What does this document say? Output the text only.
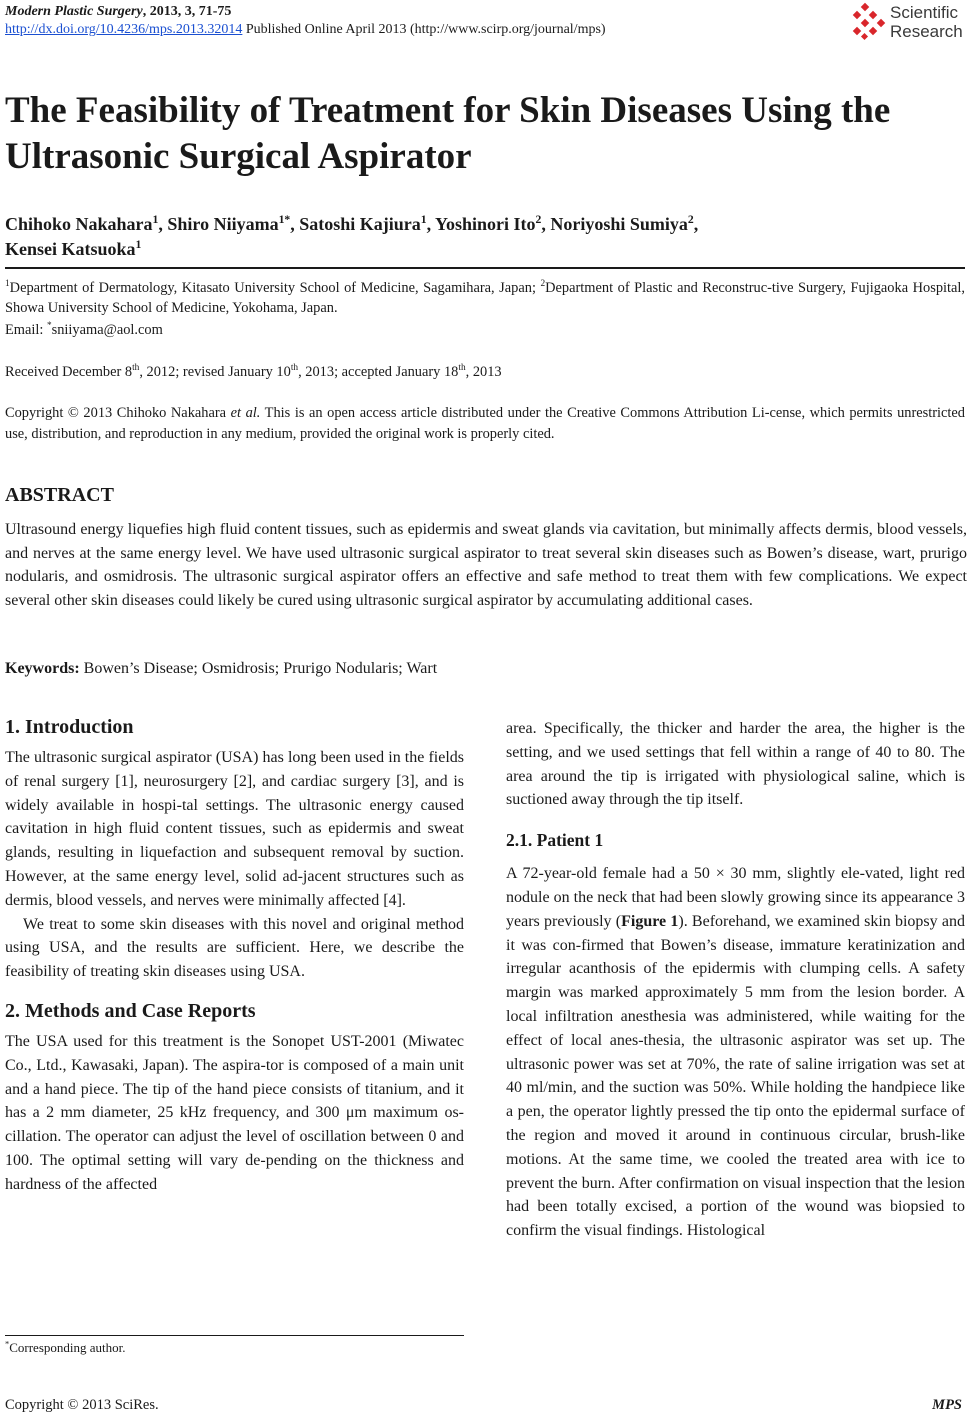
Modern Plastic Surgery, 2013, 3, 71-75
http://dx.doi.org/10.4236/mps.2013.32014 Published Online April 2013 (http://www.scirp.org/journal/mps)
Scientific
Research
The Feasibility of Treatment for Skin Diseases Using the
Ultrasonic Surgical Aspirator
Chihoko Nakahara$^1$, Shiro Niiyama$^{1*}$, Satoshi Kajiura$^1$, Yoshinori Ito$^2$, Noriyoshi Sumiya$^2$,
Kensei Katsuoka$^1$
$^1$Department of Dermatology, Kitasato University School of Medicine, Sagamihara, Japan; $^2$Department of Plastic and Reconstruc-tive Surgery, Fujigaoka Hospital, Showa University School of Medicine, Yokohama, Japan.
Email: *sniiyama@aol.com
Received December 8th, 2012; revised January 10th, 2013; accepted January 18th, 2013
Copyright © 2013 Chihoko Nakahara et al. This is an open access article distributed under the Creative Commons Attribution Li-cense, which permits unrestricted use, distribution, and reproduction in any medium, provided the original work is properly cited.
ABSTRACT
Ultrasound energy liquefies high fluid content tissues, such as epidermis and sweat glands via cavitation, but minimally affects dermis, blood vessels, and nerves at the same energy level. We have used ultrasonic surgical aspirator to treat several skin diseases such as Bowen’s disease, wart, prurigo nodularis, and osmidrosis. The ultrasonic surgical aspirator offers an effective and safe method to treat them with few complications. We expect several other skin diseases could likely be cured using ultrasonic surgical aspirator by accumulating additional cases.
Keywords: Bowen’s Disease; Osmidrosis; Prurigo Nodularis; Wart
1. Introduction

The ultrasonic surgical aspirator (USA) has long been used in the fields of renal surgery [1], neurosurgery [2], and cardiac surgery [3], and is widely available in hospi-tal settings. The ultrasonic energy caused cavitation in high fluid content tissues, such as epidermis and sweat glands, resulting in liquefaction and subsequent removal by suction. However, at the same energy level, solid ad-jacent structures such as dermis, blood vessels, and nerves were minimally affected [4].

We treat to some skin diseases with this novel and original method using USA, and the results are sufficient. Here, we describe the feasibility of treating skin diseases using USA.

2. Methods and Case Reports

The USA used for this treatment is the Sonopet UST-2001 (Miwatec Co., Ltd., Kawasaki, Japan). The aspira-tor is composed of a main unit and a hand piece. The tip of the hand piece consists of titanium, and it has a 2 mm diameter, 25 kHz frequency, and 300 μm maximum os-cillation. The operator can adjust the level of oscillation between 0 and 100. The optimal setting will vary de-pending on the thickness and hardness of the affected

area. Specifically, the thicker and harder the area, the higher is the setting, and we used settings that fell within a range of 40 to 80. The area around the tip is irrigated with physiological saline, which is suctioned away through the tip itself.

2.1. Patient 1

A 72-year-old female had a 50 × 30 mm, slightly ele-vated, light red nodule on the neck that had been slowly growing since its appearance 3 years previously (Figure 1). Beforehand, we examined skin biopsy and it was con-firmed that Bowen’s disease, immature keratinization and irregular acanthosis of the epidermis with clumping cells. A safety margin was marked approximately 5 mm from the lesion border. A local infiltration anesthesia was administered, while waiting for the effect of local anes-thesia, the ultrasonic aspirator was set up. The ultrasonic power was set at 70%, the rate of saline irrigation was set at 40 ml/min, and the suction was 50%. While holding the handpiece like a pen, the operator lightly pressed the tip onto the epidermal surface of the region and moved it around in continuous circular, brush-like motions. At the same time, we cooled the treated area with ice to prevent the burn. After confirmation on visual inspection that the lesion had been totally excised, a portion of the wound was biopsied to confirm the visual findings. Histological

*Corresponding author.
Copyright © 2013 SciRes.	MPS
